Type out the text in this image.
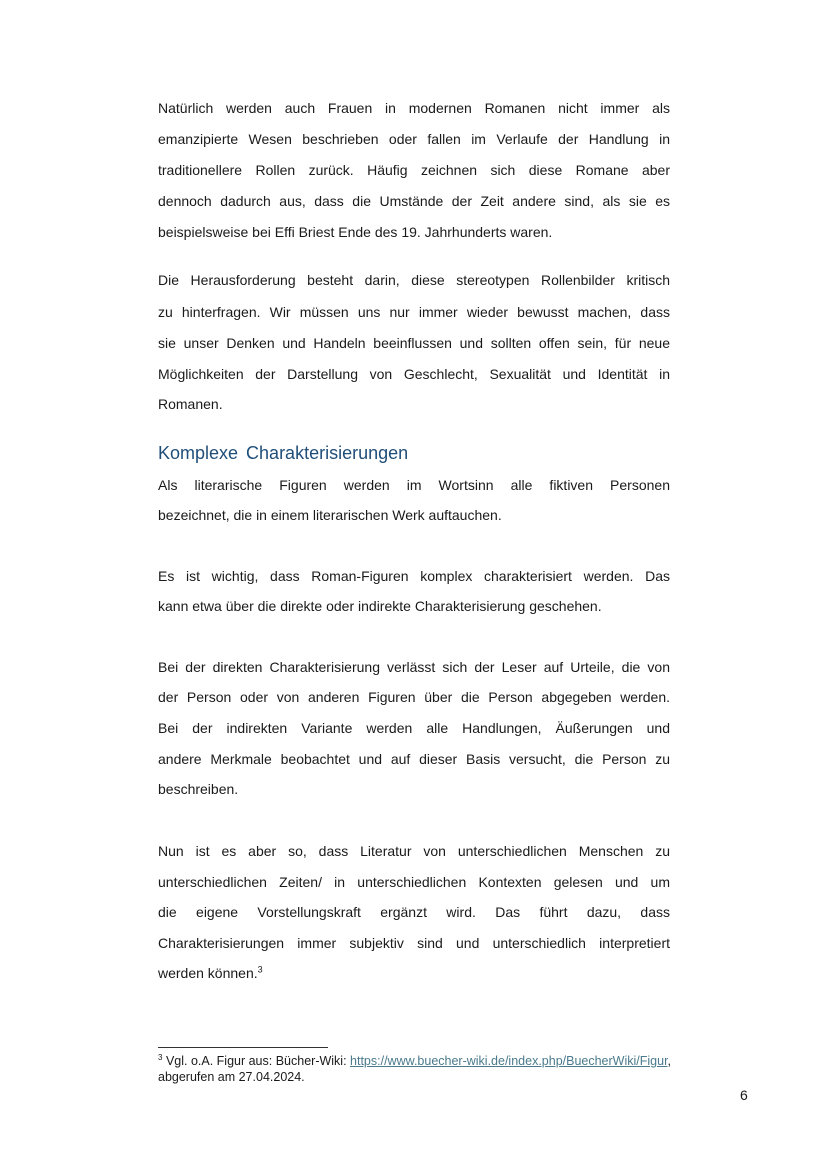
Natürlich werden auch Frauen in modernen Romanen nicht immer als
emanzipierte Wesen beschrieben oder fallen im Verlaufe der Handlung in
traditionellere Rollen zurück. Häufig zeichnen sich diese Romane aber
dennoch dadurch aus, dass die Umstände der Zeit andere sind, als sie es
beispielsweise bei Effi Briest Ende des 19. Jahrhunderts waren.
Die Herausforderung besteht darin, diese stereotypen Rollenbilder kritisch
zu hinterfragen. Wir müssen uns nur immer wieder bewusst machen, dass
sie unser Denken und Handeln beeinflussen und sollten offen sein, für neue
Möglichkeiten der Darstellung von Geschlecht, Sexualität und Identität in
Romanen.
Komplexe Charakterisierungen
Als literarische Figuren werden im Wortsinn alle fiktiven Personen
bezeichnet, die in einem literarischen Werk auftauchen.
Es ist wichtig, dass Roman-Figuren komplex charakterisiert werden. Das
kann etwa über die direkte oder indirekte Charakterisierung geschehen.
Bei der direkten Charakterisierung verlässt sich der Leser auf Urteile, die von
der Person oder von anderen Figuren über die Person abgegeben werden.
Bei der indirekten Variante werden alle Handlungen, Äußerungen und
andere Merkmale beobachtet und auf dieser Basis versucht, die Person zu
beschreiben.
Nun ist es aber so, dass Literatur von unterschiedlichen Menschen zu
unterschiedlichen Zeiten/ in unterschiedlichen Kontexten gelesen und um
die eigene Vorstellungskraft ergänzt wird. Das führt dazu, dass
Charakterisierungen immer subjektiv sind und unterschiedlich interpretiert
werden können.$^3$
$^3$ Vgl. o.A. Figur aus: Bücher-Wiki: https://www.buecher-wiki.de/index.php/BuecherWiki/Figur,
abgerufen am 27.04.2024.
6
